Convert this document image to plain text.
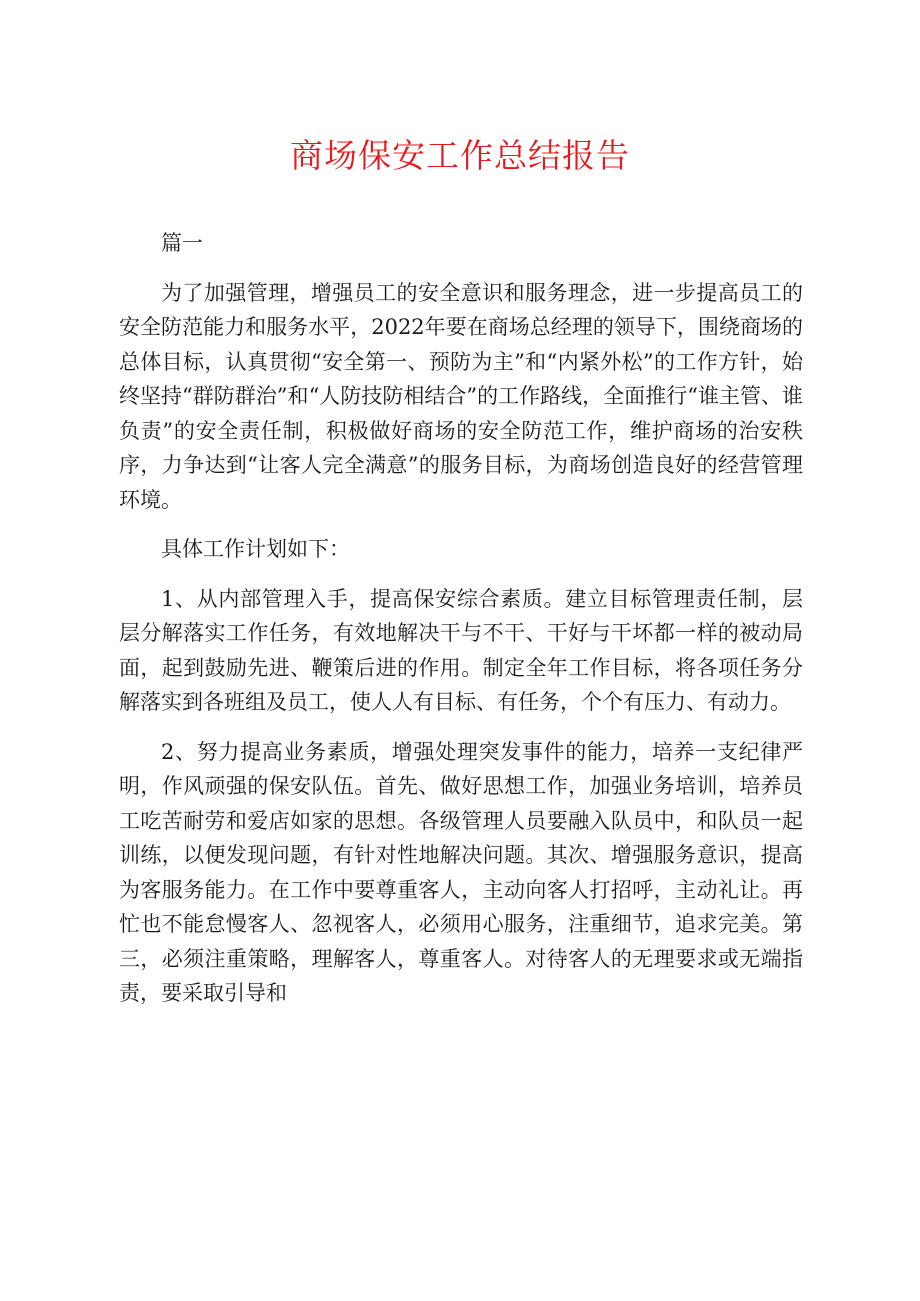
商场保安工作总结报告

篇一

为了加强管理，增强员工的安全意识和服务理念，进一步提高员工的安全防范能力和服务水平，2022年要在商场总经理的领导下，围绕商场的总体目标，认真贯彻“安全第一、预防为主”和“内紧外松”的工作方针，始终坚持“群防群治”和“人防技防相结合”的工作路线，全面推行“谁主管、谁负责”的安全责任制，积极做好商场的安全防范工作，维护商场的治安秩序，力争达到“让客人完全满意”的服务目标，为商场创造良好的经营管理环境。

具体工作计划如下：

1、从内部管理入手，提高保安综合素质。建立目标管理责任制，层层分解落实工作任务，有效地解决干与不干、干好与干坏都一样的被动局面，起到鼓励先进、鞭策后进的作用。制定全年工作目标，将各项任务分解落实到各班组及员工，使人人有目标、有任务，个个有压力、有动力。

2、努力提高业务素质，增强处理突发事件的能力，培养一支纪律严明，作风顽强的保安队伍。首先、做好思想工作，加强业务培训，培养员工吃苦耐劳和爱店如家的思想。各级管理人员要融入队员中，和队员一起训练，以便发现问题，有针对性地解决问题。其次、增强服务意识，提高为客服务能力。在工作中要尊重客人，主动向客人打招呼，主动礼让。再忙也不能怠慢客人、忽视客人，必须用心服务，注重细节，追求完美。第三，必须注重策略，理解客人，尊重客人。对待客人的无理要求或无端指责，要采取引导和
